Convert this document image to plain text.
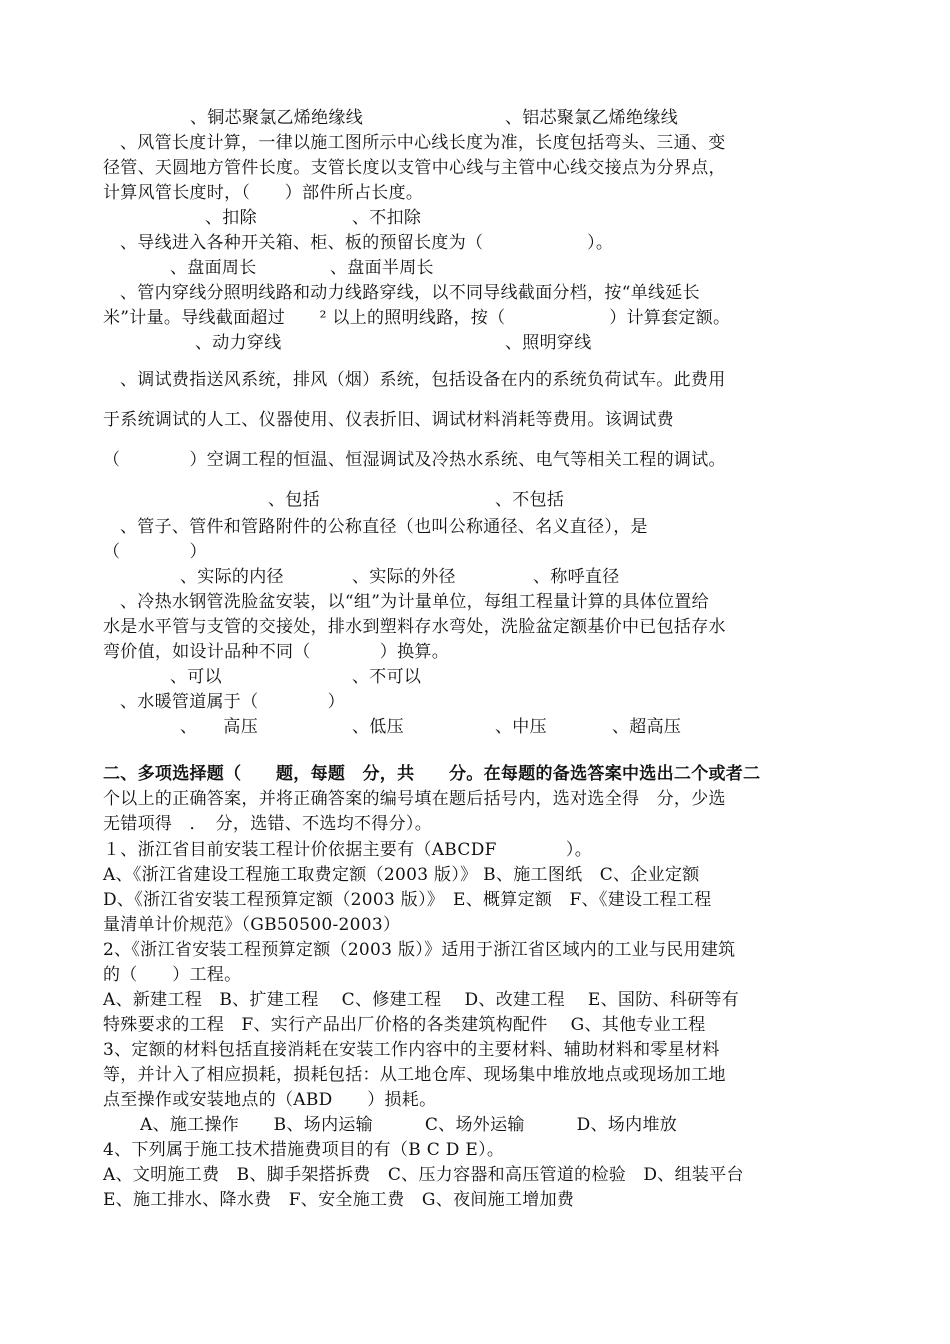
、铜芯聚氯乙烯绝缘线	、铝芯聚氯乙烯绝缘线
、风管长度计算，一律以施工图所示中心线长度为准，长度包括弯头、三通、变
径管、天圆地方管件长度。支管长度以支管中心线与主管中心线交接点为分界点，
计算风管长度时，（　　）部件所占长度。
、扣除	、不扣除
、导线进入各种开关箱、柜、板的预留长度为（　　　　　　）。
、盘面周长	、盘面半周长
、管内穿线分照明线路和动力线路穿线，以不同导线截面分档，按“单线延长
米”计量。导线截面超过　　² 以上的照明线路，按（　　　　　　）计算套定额。
、动力穿线	、照明穿线
、调试费指送风系统，排风（烟）系统，包括设备在内的系统负荷试车。此费用
于系统调试的人工、仪器使用、仪表折旧、调试材料消耗等费用。该调试费
（　　　　）空调工程的恒温、恒湿调试及冷热水系统、电气等相关工程的调试。
、包括	、不包括
、管子、管件和管路附件的公称直径（也叫公称通径、名义直径），是
（　　　　）
、实际的内径	、实际的外径	、称呼直径
、冷热水钢管洗脸盆安装，以“组”为计量单位，每组工程量计算的具体位置给
水是水平管与支管的交接处，排水到塑料存水弯处，洗脸盆定额基价中已包括存水
弯价值，如设计品种不同（　　　　）换算。
、可以	、不可以
、水暖管道属于（　　　　）
、　　高压	、低压	、中压	、超高压
二、多项选择题（　　题，每题　分，共　　分。在每题的备选答案中选出二个或者二
个以上的正确答案，并将正确答案的编号填在题后括号内，选对选全得　分，少选
无错项得　．　分，选错、不选均不得分）。
１、浙江省目前安装工程计价依据主要有（ABCDF　　　　）。
A、《浙江省建设工程施工取费定额（2003 版）》 B、施工图纸　C、企业定额
D、《浙江省安装工程预算定额（2003 版）》　E、概算定额　F、《建设工程工程
量清单计价规范》（GB50500-2003）
2、《浙江省安装工程预算定额（2003 版）》适用于浙江省区域内的工业与民用建筑
的（　　）工程。
A、新建工程　B、扩建工程　 C、修建工程　 D、改建工程　 E、国防、科研等有
特殊要求的工程　F、实行产品出厂价格的各类建筑构配件　 G、其他专业工程
3、定额的材料包括直接消耗在安装工作内容中的主要材料、辅助材料和零星材料
等，并计入了相应损耗，损耗包括：从工地仓库、现场集中堆放地点或现场加工地
点至操作或安装地点的（ABD　　）损耗。
A、施工操作　　B、场内运输　　　C、场外运输　　　D、场内堆放
4、下列属于施工技术措施费项目的有（B C D E）。
A、文明施工费　B、脚手架搭拆费　C、压力容器和高压管道的检验　D、组装平台
E、施工排水、降水费　F、安全施工费　G、夜间施工增加费
